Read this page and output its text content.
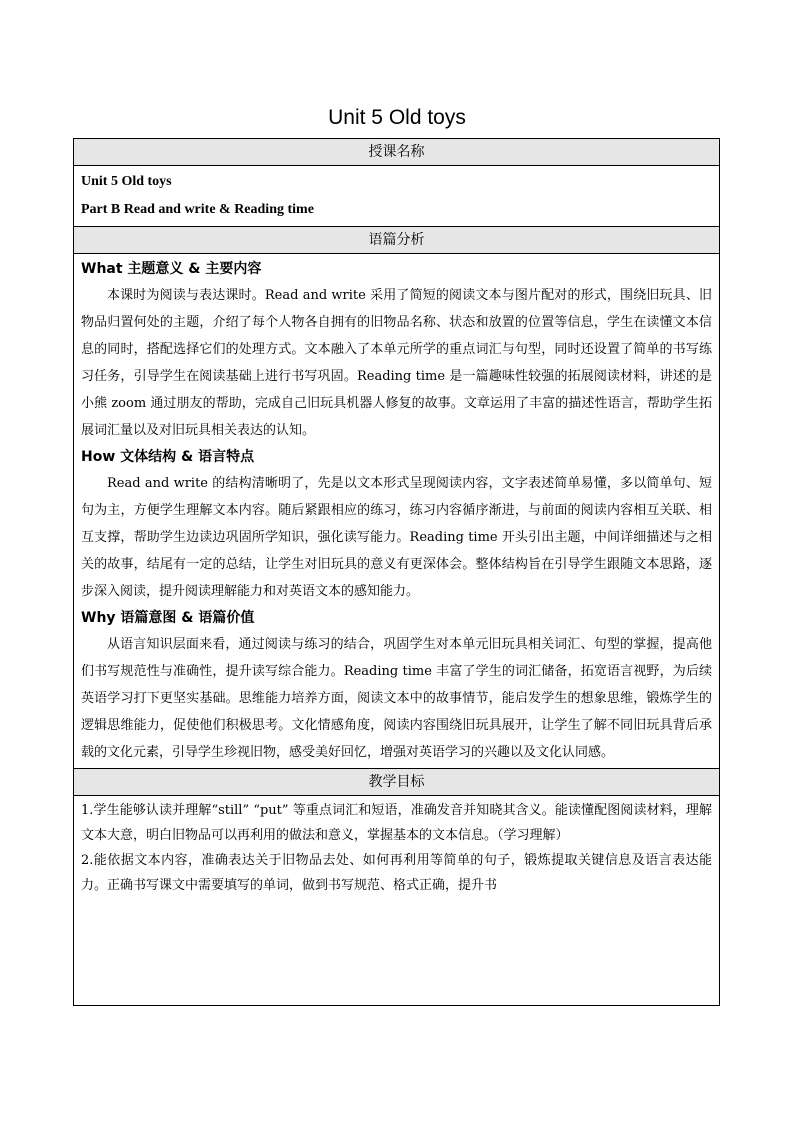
Unit 5 Old toys
授课名称
Unit 5 Old toys
Part B Read and write & Reading time
语篇分析
What 主题意义 & 主要内容

本课时为阅读与表达课时。Read and write 采用了简短的阅读文本与图片配对的形式，围绕旧玩具、旧物品归置何处的主题，介绍了每个人物各自拥有的旧物品名称、状态和放置的位置等信息，学生在读懂文本信息的同时，搭配选择它们的处理方式。文本融入了本单元所学的重点词汇与句型，同时还设置了简单的书写练习任务，引导学生在阅读基础上进行书写巩固。Reading time 是一篇趣味性较强的拓展阅读材料，讲述的是小熊 zoom 通过朋友的帮助，完成自己旧玩具机器人修复的故事。文章运用了丰富的描述性语言，帮助学生拓展词汇量以及对旧玩具相关表达的认知。

How 文体结构 & 语言特点

Read and write 的结构清晰明了，先是以文本形式呈现阅读内容，文字表述简单易懂，多以简单句、短句为主，方便学生理解文本内容。随后紧跟相应的练习，练习内容循序渐进，与前面的阅读内容相互关联、相互支撑，帮助学生边读边巩固所学知识，强化读写能力。Reading time 开头引出主题，中间详细描述与之相关的故事，结尾有一定的总结，让学生对旧玩具的意义有更深体会。整体结构旨在引导学生跟随文本思路，逐步深入阅读，提升阅读理解能力和对英语文本的感知能力。

Why 语篇意图 & 语篇价值

从语言知识层面来看，通过阅读与练习的结合，巩固学生对本单元旧玩具相关词汇、句型的掌握，提高他们书写规范性与准确性，提升读写综合能力。Reading time 丰富了学生的词汇储备，拓宽语言视野，为后续英语学习打下更坚实基础。思维能力培养方面，阅读文本中的故事情节，能启发学生的想象思维，锻炼学生的逻辑思维能力，促使他们积极思考。文化情感角度，阅读内容围绕旧玩具展开，让学生了解不同旧玩具背后承载的文化元素，引导学生珍视旧物，感受美好回忆，增强对英语学习的兴趣以及文化认同感。

教学目标

1.学生能够认读并理解“still” “put” 等重点词汇和短语，准确发音并知晓其含义。能读懂配图阅读材料，理解文本大意，明白旧物品可以再利用的做法和意义，掌握基本的文本信息。（学习理解）

2.能依据文本内容，准确表达关于旧物品去处、如何再利用等简单的句子，锻炼提取关键信息及语言表达能力。正确书写课文中需要填写的单词，做到书写规范、格式正确，提升书
